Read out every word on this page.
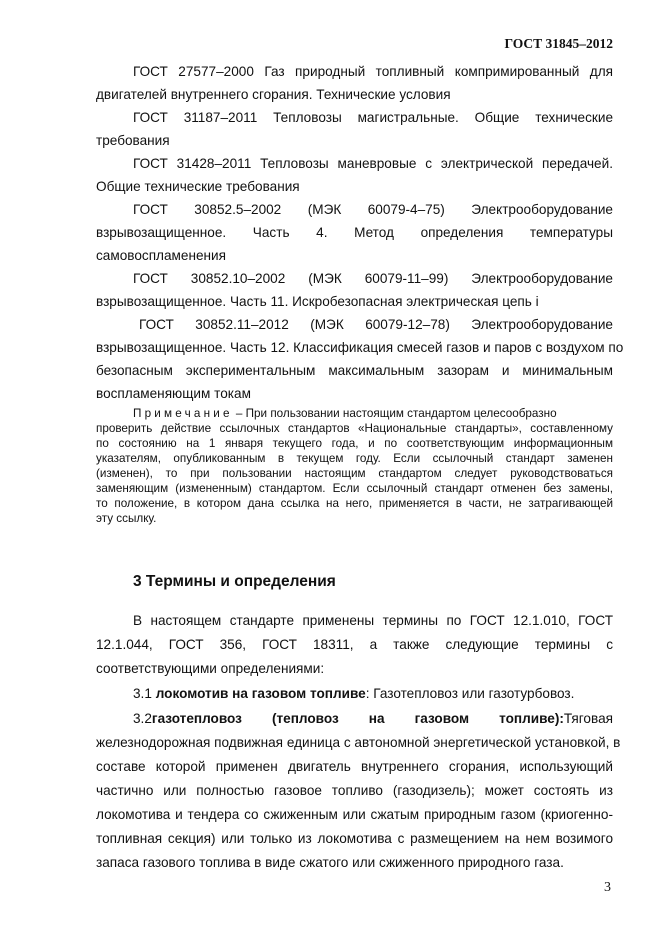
ГОСТ 31845–2012
ГОСТ 27577–2000 Газ природный топливный компримированный для
двигателей внутреннего сгорания. Технические условия
ГОСТ 31187–2011 Тепловозы магистральные. Общие технические
требования
ГОСТ 31428–2011 Тепловозы маневровые с электрической передачей.
Общие технические требования
ГОСТ 30852.5–2002 (МЭК 60079-4–75) Электрооборудование
взрывозащищенное. Часть 4. Метод определения температуры
самовоспламенения
ГОСТ 30852.10–2002 (МЭК 60079-11–99) Электрооборудование
взрывозащищенное. Часть 11. Искробезопасная электрическая цепь i
ГОСТ 30852.11–2012 (МЭК 60079-12–78) Электрооборудование
взрывозащищенное. Часть 12. Классификация смесей газов и паров с воздухом по
безопасным экспериментальным максимальным зазорам и минимальным
воспламеняющим токам
Примечание – При пользовании настоящим стандартом целесообразно
проверить действие ссылочных стандартов «Национальные стандарты», составленному
по состоянию на 1 января текущего года, и по соответствующим информационным
указателям, опубликованным в текущем году. Если ссылочный стандарт заменен
(изменен), то при пользовании настоящим стандартом следует руководствоваться
заменяющим (измененным) стандартом. Если ссылочный стандарт отменен без замены,
то положение, в котором дана ссылка на него, применяется в части, не затрагивающей
эту ссылку.
3 Термины и определения
В настоящем стандарте применены термины по ГОСТ 12.1.010, ГОСТ
12.1.044, ГОСТ 356, ГОСТ 18311, а также следующие термины с
соответствующими определениями:
3.1 локомотив на газовом топливе: Газотепловоз или газотурбовоз.
3.2газотепловоз (тепловоз на газовом топливе):Тяговая
железнодорожная подвижная единица с автономной энергетической установкой, в
составе которой применен двигатель внутреннего сгорания, использующий
частично или полностью газовое топливо (газодизель); может состоять из
локомотива и тендера со сжиженным или сжатым природным газом (криогенно-
топливная секция) или только из локомотива с размещением на нем возимого
запаса газового топлива в виде сжатого или сжиженного природного газа.
3
